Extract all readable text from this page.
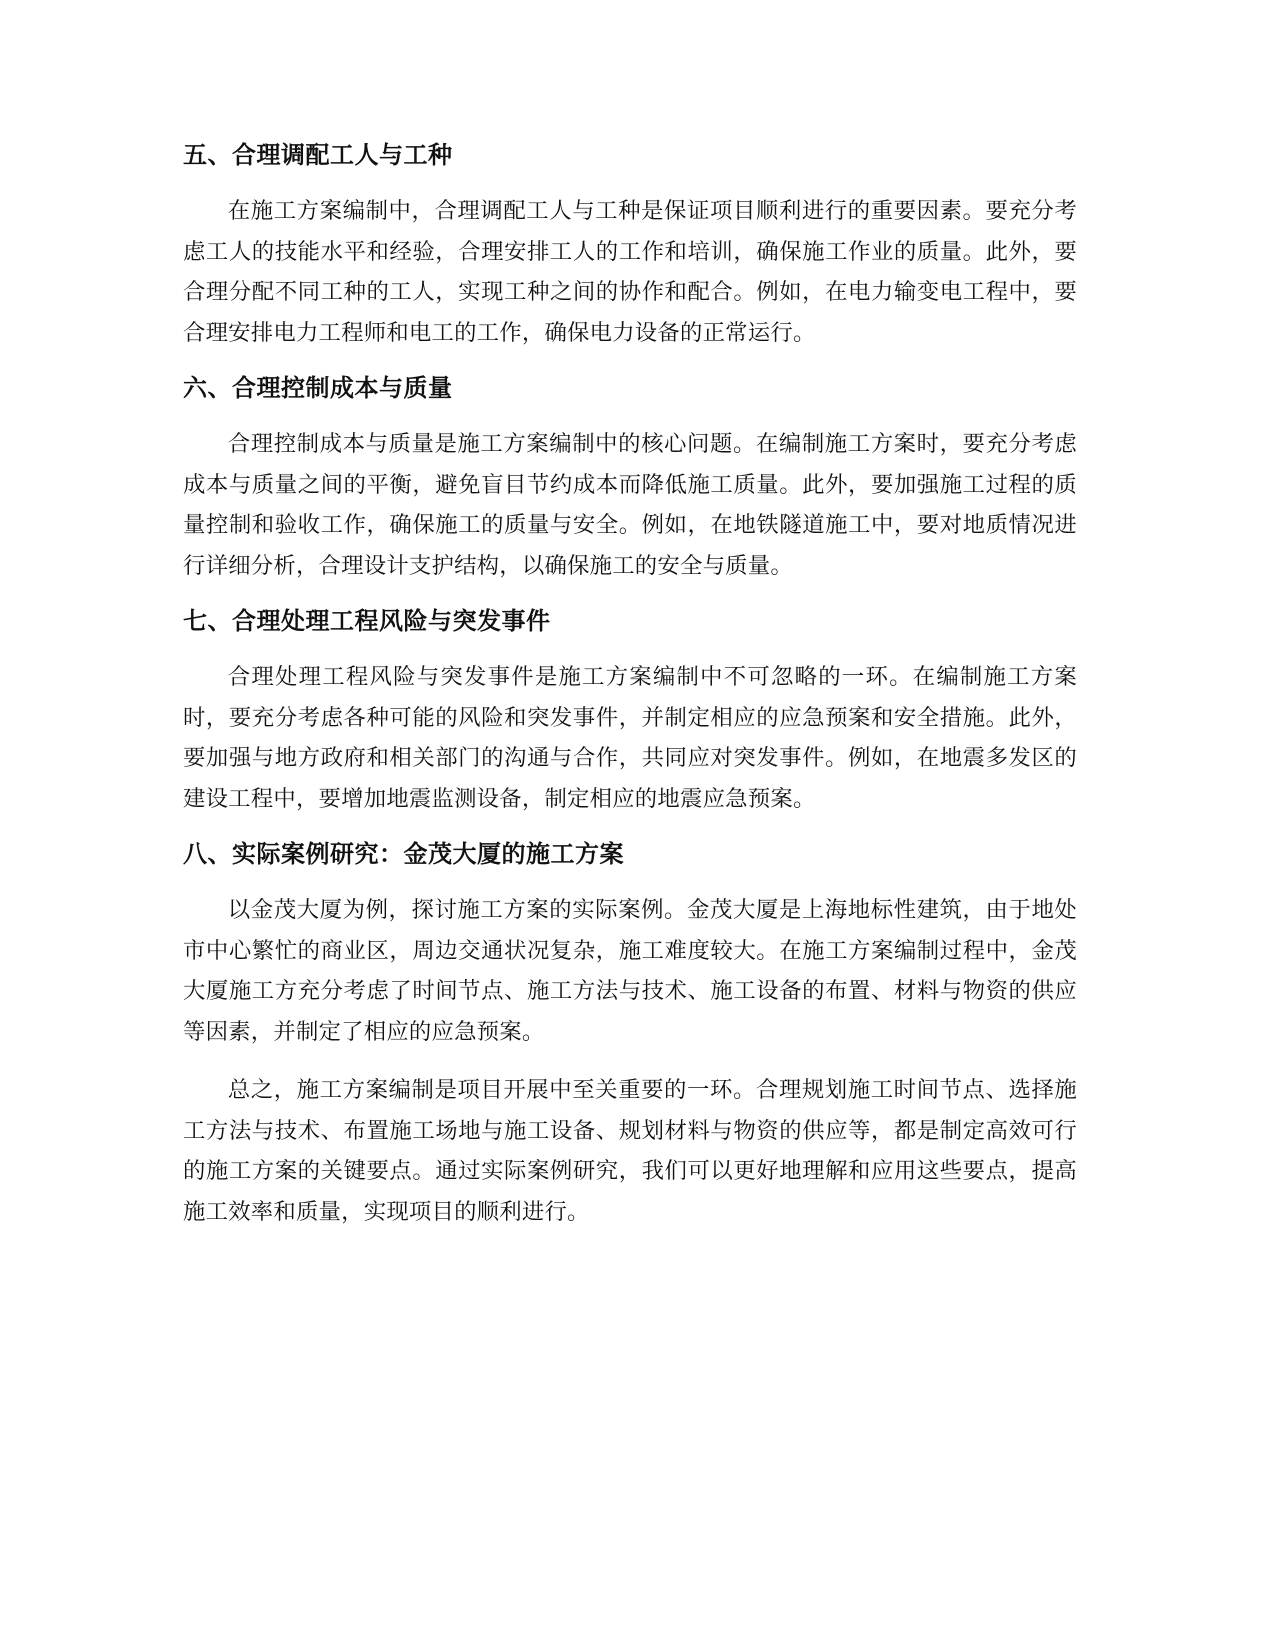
五、合理调配工人与工种

在施工方案编制中，合理调配工人与工种是保证项目顺利进行的重要因素。要充分考虑工人的技能水平和经验，合理安排工人的工作和培训，确保施工作业的质量。此外，要合理分配不同工种的工人，实现工种之间的协作和配合。例如，在电力输变电工程中，要合理安排电力工程师和电工的工作，确保电力设备的正常运行。

六、合理控制成本与质量

合理控制成本与质量是施工方案编制中的核心问题。在编制施工方案时，要充分考虑成本与质量之间的平衡，避免盲目节约成本而降低施工质量。此外，要加强施工过程的质量控制和验收工作，确保施工的质量与安全。例如，在地铁隧道施工中，要对地质情况进行详细分析，合理设计支护结构，以确保施工的安全与质量。

七、合理处理工程风险与突发事件

合理处理工程风险与突发事件是施工方案编制中不可忽略的一环。在编制施工方案时，要充分考虑各种可能的风险和突发事件，并制定相应的应急预案和安全措施。此外，要加强与地方政府和相关部门的沟通与合作，共同应对突发事件。例如，在地震多发区的建设工程中，要增加地震监测设备，制定相应的地震应急预案。

八、实际案例研究：金茂大厦的施工方案

以金茂大厦为例，探讨施工方案的实际案例。金茂大厦是上海地标性建筑，由于地处市中心繁忙的商业区，周边交通状况复杂，施工难度较大。在施工方案编制过程中，金茂大厦施工方充分考虑了时间节点、施工方法与技术、施工设备的布置、材料与物资的供应等因素，并制定了相应的应急预案。

总之，施工方案编制是项目开展中至关重要的一环。合理规划施工时间节点、选择施工方法与技术、布置施工场地与施工设备、规划材料与物资的供应等，都是制定高效可行的施工方案的关键要点。通过实际案例研究，我们可以更好地理解和应用这些要点，提高施工效率和质量，实现项目的顺利进行。
